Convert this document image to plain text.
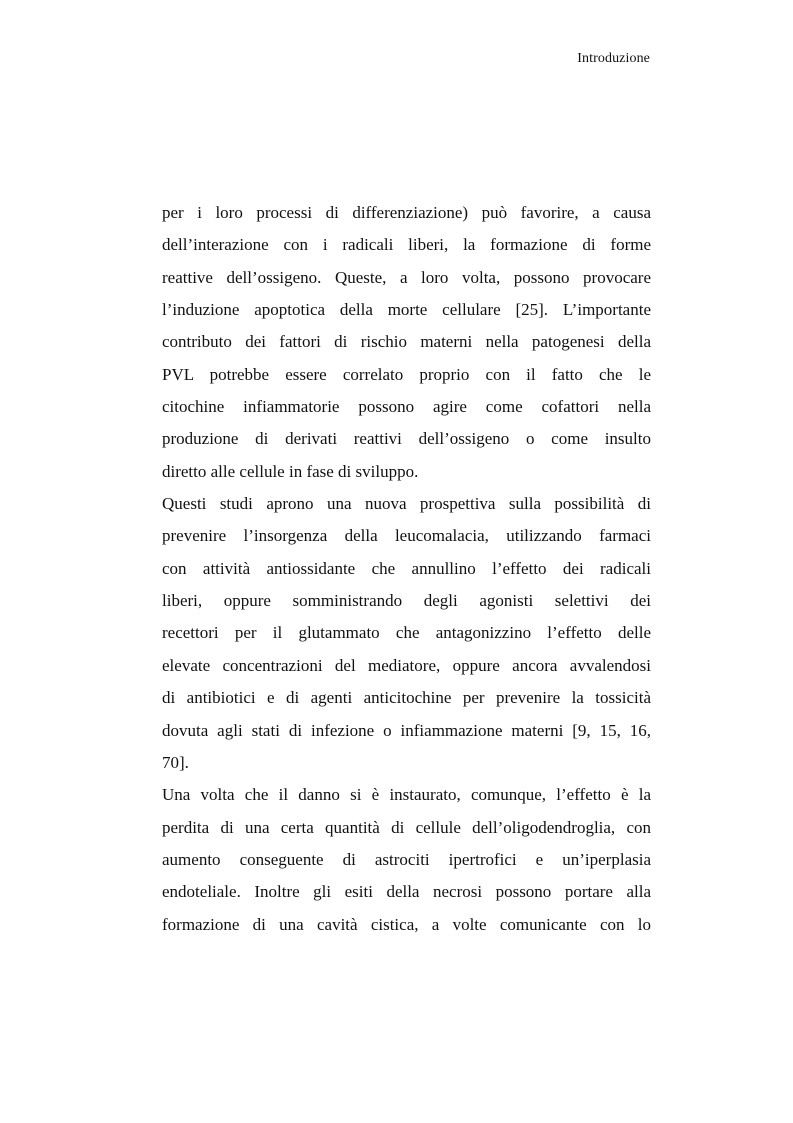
Introduzione

per i loro processi di differenziazione) può favorire, a causa
dell’interazione con i radicali liberi, la formazione di forme
reattive dell’ossigeno. Queste, a loro volta, possono provocare
l’induzione apoptotica della morte cellulare [25]. L’importante
contributo dei fattori di rischio materni nella patogenesi della
PVL potrebbe essere correlato proprio con il fatto che le
citochine infiammatorie possono agire come cofattori nella
produzione di derivati reattivi dell’ossigeno o come insulto
diretto alle cellule in fase di sviluppo.

Questi studi aprono una nuova prospettiva sulla possibilità di
prevenire l’insorgenza della leucomalacia, utilizzando farmaci
con attività antiossidante che annullino l’effetto dei radicali
liberi, oppure somministrando degli agonisti selettivi dei
recettori per il glutammato che antagonizzino l’effetto delle
elevate concentrazioni del mediatore, oppure ancora avvalendosi
di antibiotici e di agenti anticitochine per prevenire la tossicità
dovuta agli stati di infezione o infiammazione materni [9, 15, 16,
70].

Una volta che il danno si è instaurato, comunque, l’effetto è la
perdita di una certa quantità di cellule dell’oligodendroglia, con
aumento conseguente di astrociti ipertrofici e un’iperplasia
endoteliale. Inoltre gli esiti della necrosi possono portare alla
formazione di una cavità cistica, a volte comunicante con lo
